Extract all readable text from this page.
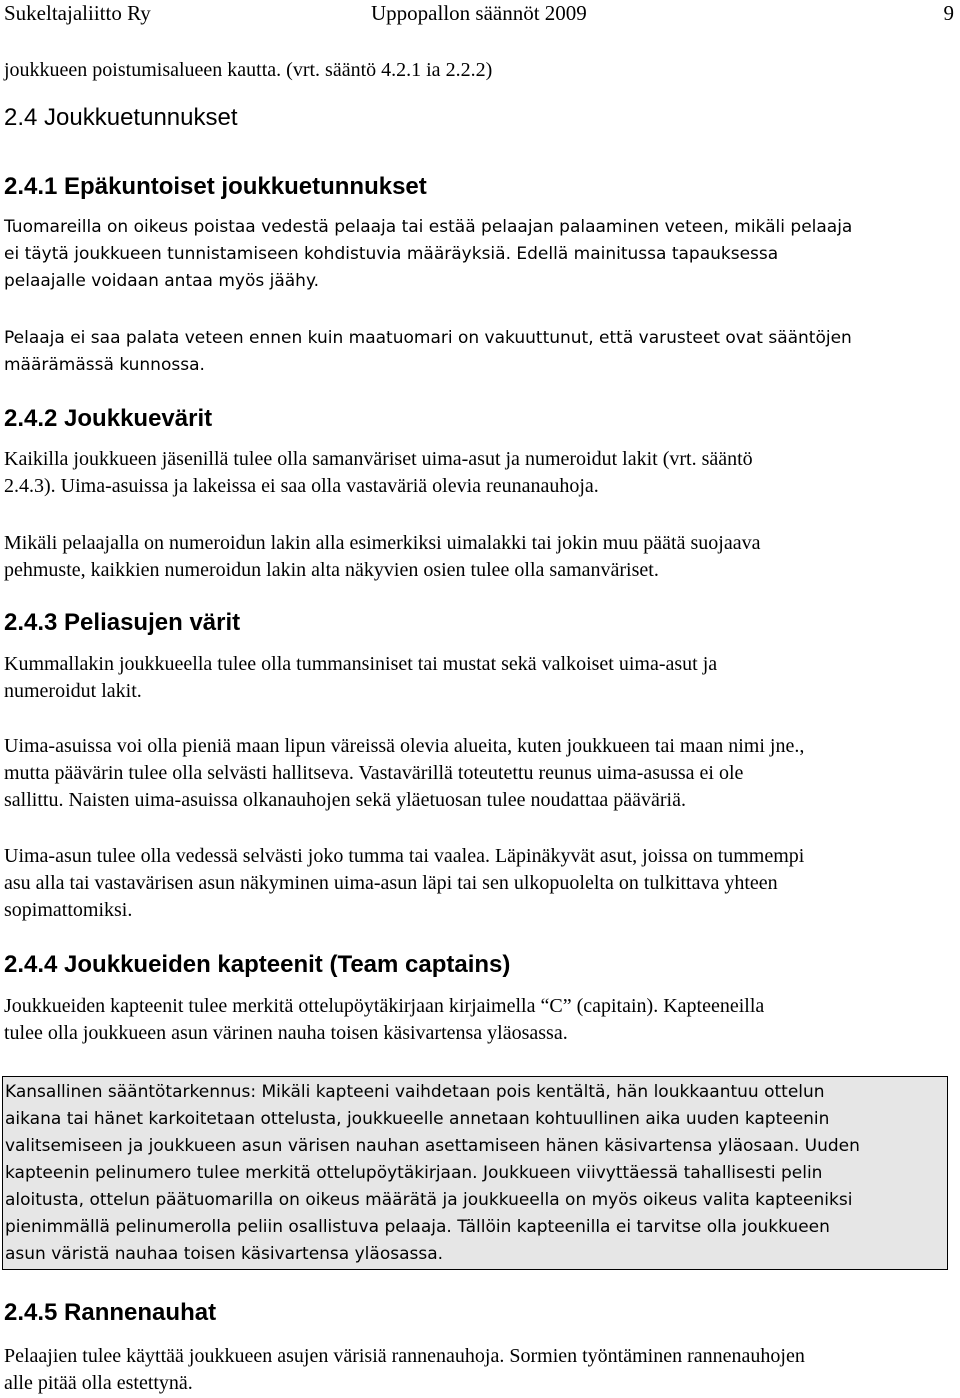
Sukeltajaliitto Ry	Uppopallon säännöt 2009	9

joukkueen poistumisalueen kautta. (vrt. sääntö 4.2.1 ia 2.2.2)

2.4 Joukkuetunnukset
2.4.1 Epäkuntoiset joukkuetunnukset
Tuomareilla on oikeus poistaa vedestä pelaaja tai estää pelaajan palaaminen veteen, mikäli pelaaja
ei täytä joukkueen tunnistamiseen kohdistuvia määräyksiä. Edellä mainitussa tapauksessa
pelaajalle voidaan antaa myös jäähy.
Pelaaja ei saa palata veteen ennen kuin maatuomari on vakuuttunut, että varusteet ovat sääntöjen
määrämässä kunnossa.
2.4.2 Joukkuevärit
Kaikilla joukkueen jäsenillä tulee olla samanväriset uima-asut ja numeroidut lakit (vrt. sääntö
2.4.3). Uima-asuissa ja lakeissa ei saa olla vastaväriä olevia reunanauhoja.
Mikäli pelaajalla on numeroidun lakin alla esimerkiksi uimalakki tai jokin muu päätä suojaava
pehmuste, kaikkien numeroidun lakin alta näkyvien osien tulee olla samanväriset.
2.4.3 Peliasujen värit
Kummallakin joukkueella tulee olla tummansiniset tai mustat sekä valkoiset uima-asut ja
numeroidut lakit.
Uima-asuissa voi olla pieniä maan lipun väreissä olevia alueita, kuten joukkueen tai maan nimi jne.,
mutta päävärin tulee olla selvästi hallitseva. Vastavärillä toteutettu reunus uima-asussa ei ole
sallittu. Naisten uima-asuissa olkanauhojen sekä yläetuosan tulee noudattaa pääväriä.
Uima-asun tulee olla vedessä selvästi joko tumma tai vaalea. Läpinäkyvät asut, joissa on tummempi
asu alla tai vastavärisen asun näkyminen uima-asun läpi tai sen ulkopuolelta on tulkittava yhteen
sopimattomiksi.
2.4.4 Joukkueiden kapteenit (Team captains)
Joukkueiden kapteenit tulee merkitä ottelupöytäkirjaan kirjaimella “C” (capitain). Kapteeneilla
tulee olla joukkueen asun värinen nauha toisen käsivartensa yläosassa.
Kansallinen sääntötarkennus: Mikäli kapteeni vaihdetaan pois kentältä, hän loukkaantuu ottelun
aikana tai hänet karkoitetaan ottelusta, joukkueelle annetaan kohtuullinen aika uuden kapteenin
valitsemiseen ja joukkueen asun värisen nauhan asettamiseen hänen käsivartensa yläosaan. Uuden
kapteenin pelinumero tulee merkitä ottelupöytäkirjaan. Joukkueen viivyttäessä tahallisesti pelin
aloitusta, ottelun päätuomarilla on oikeus määrätä ja joukkueella on myös oikeus valita kapteeniksi
pienimmällä pelinumerolla peliin osallistuva pelaaja. Tällöin kapteenilla ei tarvitse olla joukkueen
asun väristä nauhaa toisen käsivartensa yläosassa.
2.4.5 Rannenauhat
Pelaajien tulee käyttää joukkueen asujen värisiä rannenauhoja. Sormien työntäminen rannenauhojen
alle pitää olla estettynä.
